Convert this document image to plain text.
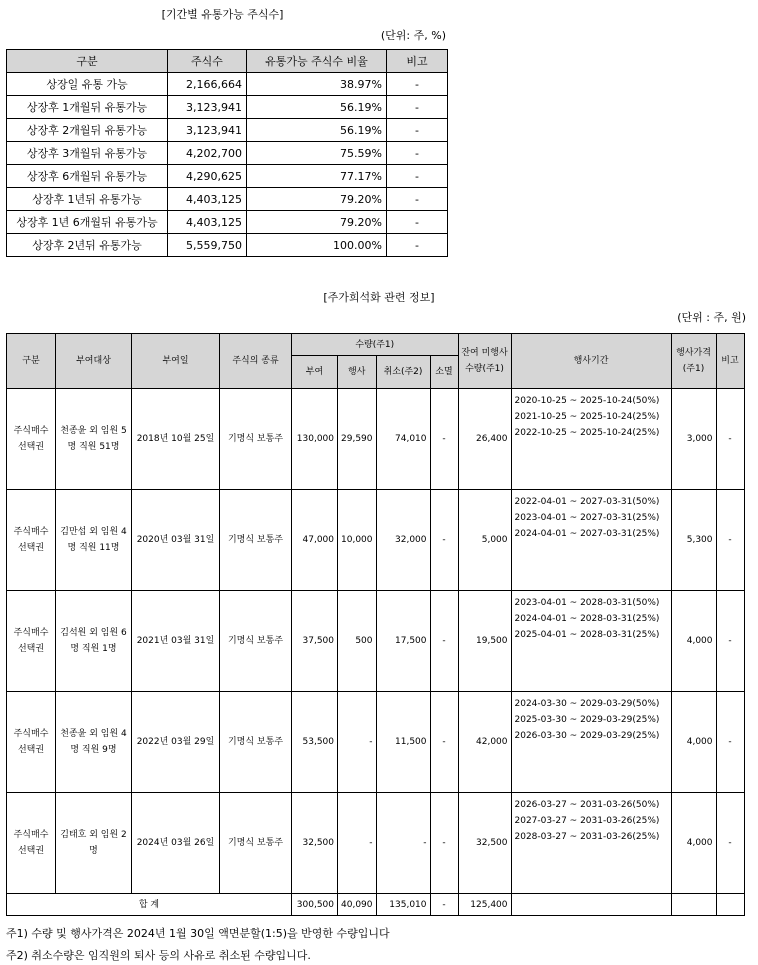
[기간별 유통가능 주식수]
(단위: 주, %)
구분	주식수	유통가능 주식수 비율	비고
상장일 유통 가능	2,166,664	38.97%	-
상장후 1개월뒤 유통가능	3,123,941	56.19%	-
상장후 2개월뒤 유통가능	3,123,941	56.19%	-
상장후 3개월뒤 유통가능	4,202,700	75.59%	-
상장후 6개월뒤 유통가능	4,290,625	77.17%	-
상장후 1년뒤 유통가능	4,403,125	79.20%	-
상장후 1년 6개월뒤 유통가능	4,403,125	79.20%	-
상장후 2년뒤 유통가능	5,559,750	100.00%	-
[주가희석화 관련 정보]
(단위 : 주, 원)
구분	부여대상	부여일	주식의 종류	수량(주1)				잔여 미행사 수량(주1)	행사기간	행사가격 (주1)	비고
				부여	행사	취소(주2)	소멸				
주식매수 선택권	천종윤 외 임원 5명 직원 51명	2018년 10월 25일	기명식 보통주	130,000	29,590	74,010	-	26,400	2020-10-25 ~ 2025-10-24(50%)
2021-10-25 ~ 2025-10-24(25%)
2022-10-25 ~ 2025-10-24(25%)	3,000	-
주식매수 선택권	김만섭 외 임원 4명 직원 11명	2020년 03월 31일	기명식 보통주	47,000	10,000	32,000	-	5,000	2022-04-01 ~ 2027-03-31(50%)
2023-04-01 ~ 2027-03-31(25%)
2024-04-01 ~ 2027-03-31(25%)	5,300	-
주식매수 선택권	김석원 외 임원 6명 직원 1명	2021년 03월 31일	기명식 보통주	37,500	500	17,500	-	19,500	2023-04-01 ~ 2028-03-31(50%)
2024-04-01 ~ 2028-03-31(25%)
2025-04-01 ~ 2028-03-31(25%)	4,000	-
주식매수 선택권	천종윤 외 임원 4명 직원 9명	2022년 03월 29일	기명식 보통주	53,500	-	11,500	-	42,000	2024-03-30 ~ 2029-03-29(50%)
2025-03-30 ~ 2029-03-29(25%)
2026-03-30 ~ 2029-03-29(25%)	4,000	-
주식매수 선택권	김태호 외 임원 2명	2024년 03월 26일	기명식 보통주	32,500	-	-	-	32,500	2026-03-27 ~ 2031-03-26(50%)
2027-03-27 ~ 2031-03-26(25%)
2028-03-27 ~ 2031-03-26(25%)	4,000	-
합 계				300,500	40,090	135,010	-	125,400			
주1) 수량 및 행사가격은 2024년 1월 30일 액면분할(1:5)을 반영한 수량입니다
주2) 취소수량은 임직원의 퇴사 등의 사유로 취소된 수량입니다.
